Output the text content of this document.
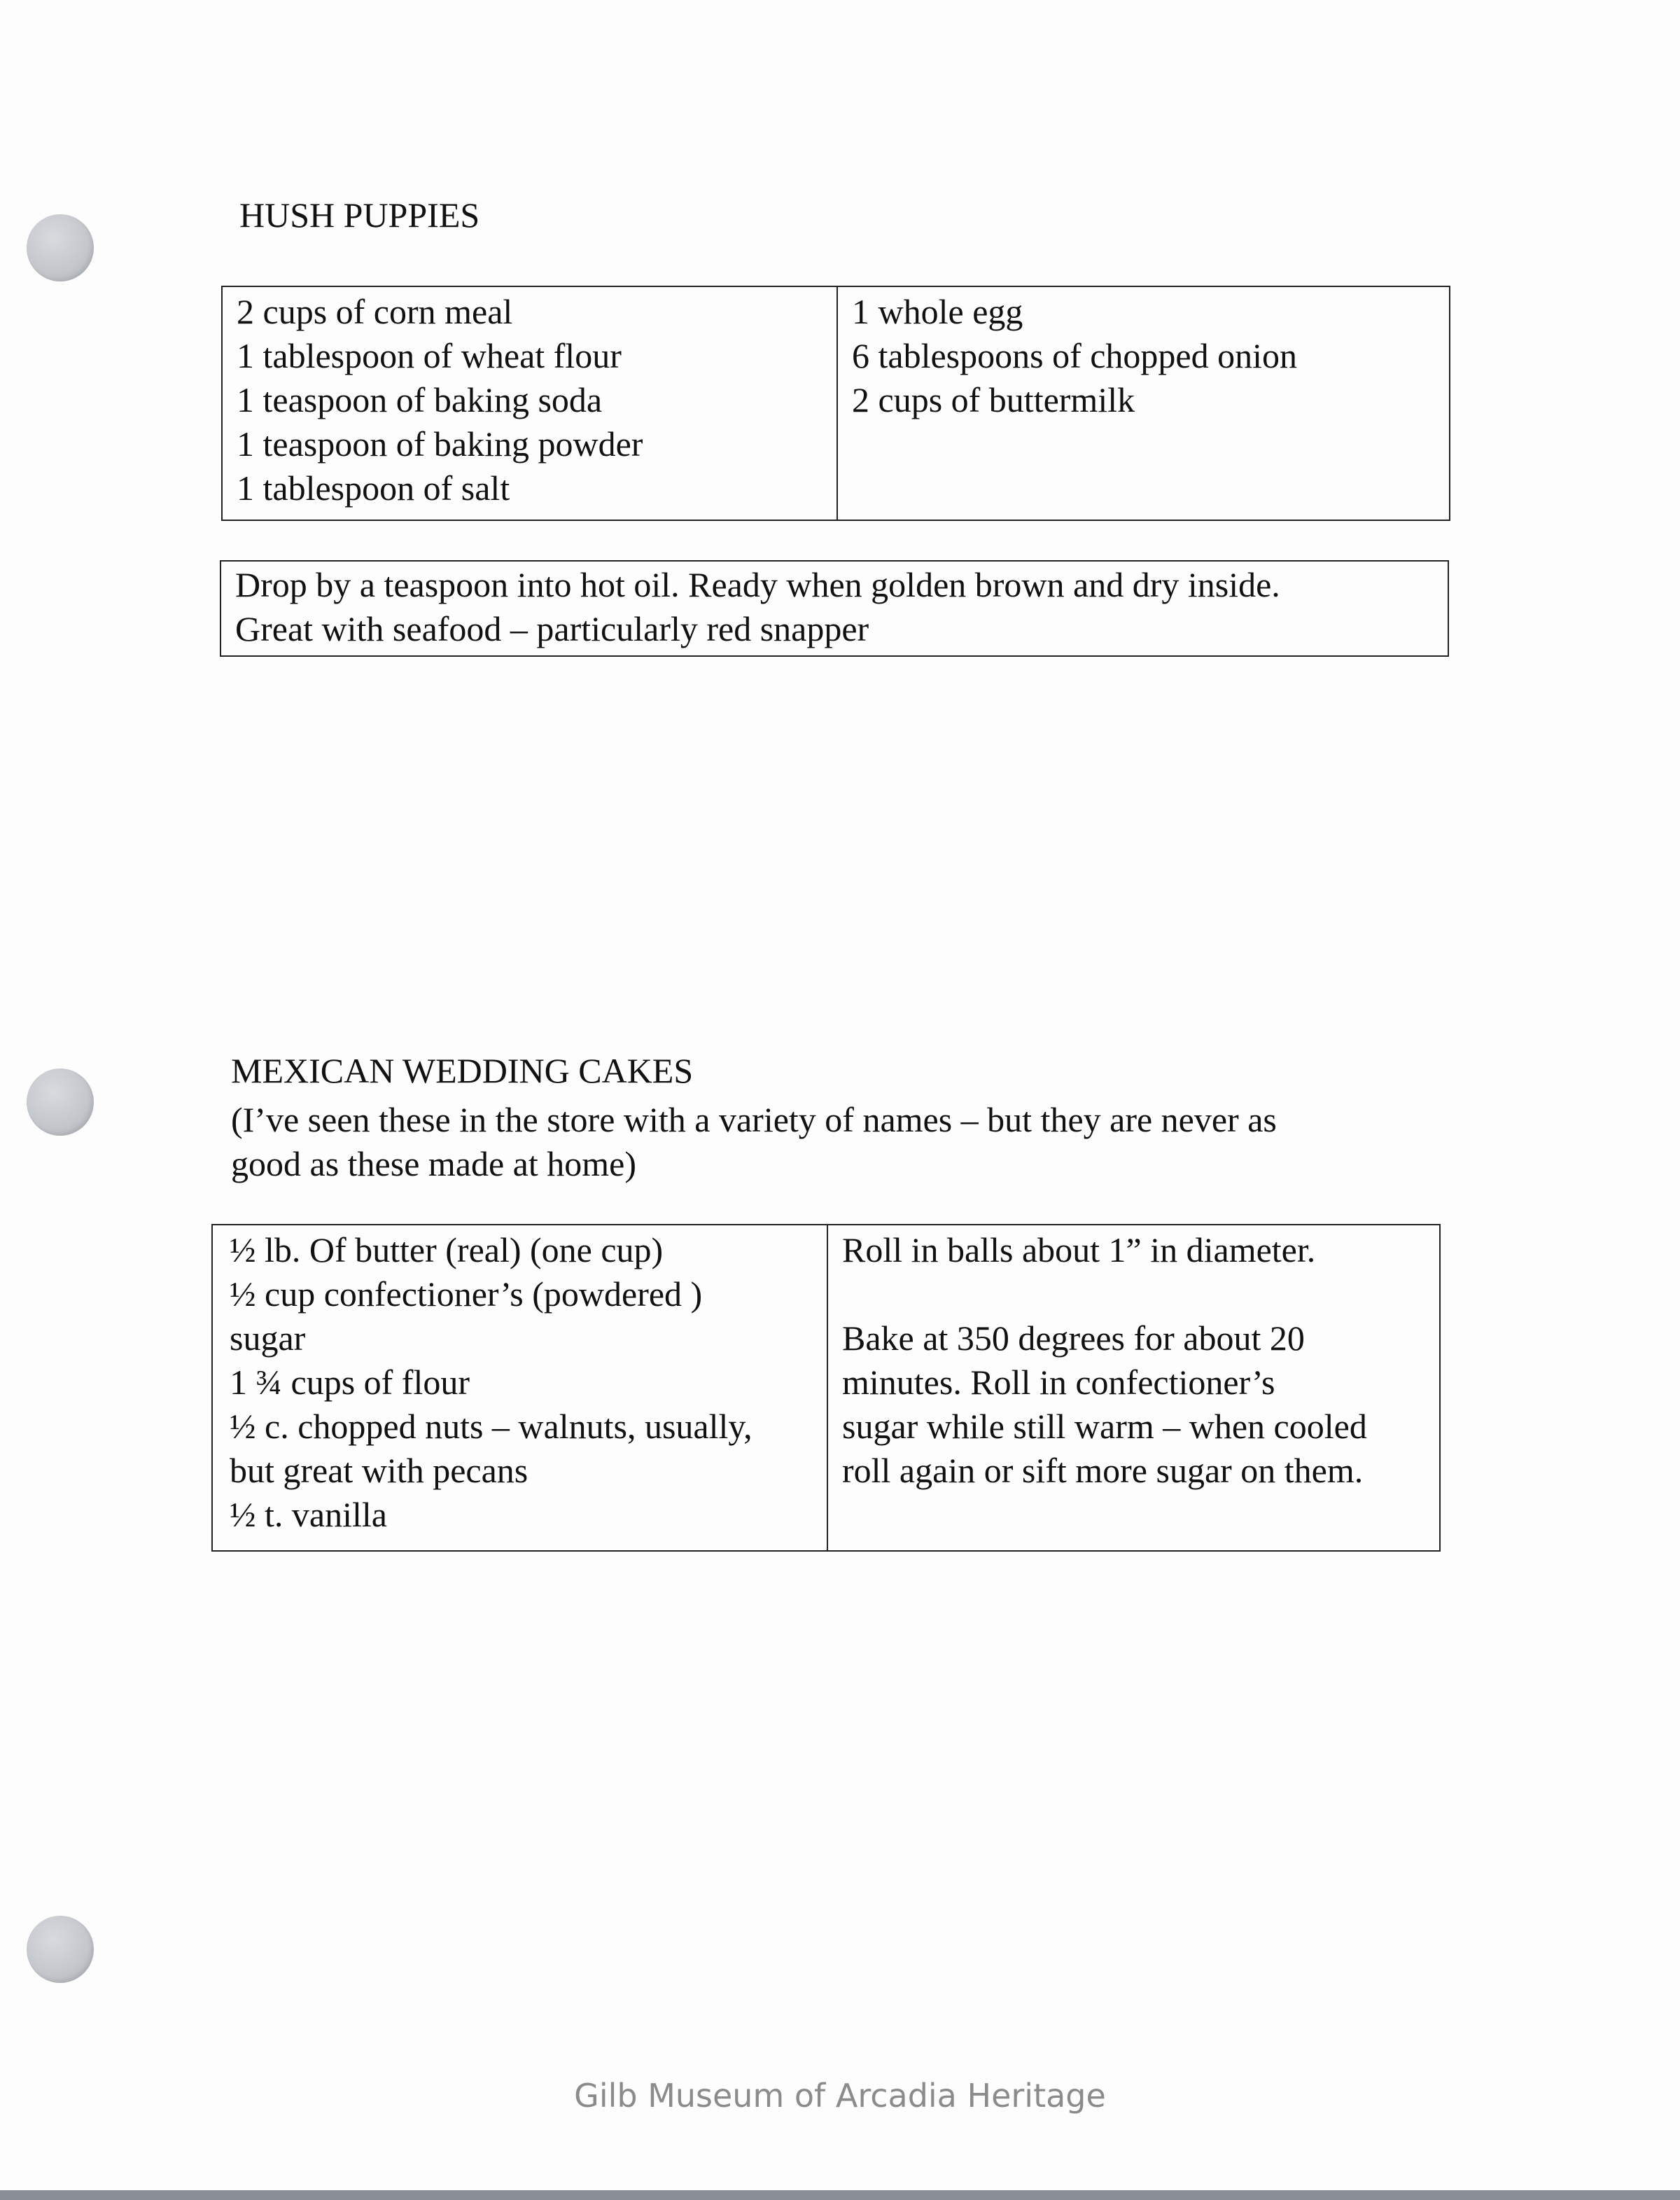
HUSH PUPPIES
2 cups of corn meal
1 tablespoon of wheat flour
1 teaspoon of baking soda
1 teaspoon of baking powder
1 tablespoon of salt
1 whole egg
6 tablespoons of chopped onion
2 cups of buttermilk
Drop by a teaspoon into hot oil. Ready when golden brown and dry inside.
Great with seafood – particularly red snapper
MEXICAN WEDDING CAKES
(I’ve seen these in the store with a variety of names – but they are never as
good as these made at home)
½ lb. Of butter (real) (one cup)
½ cup confectioner’s (powdered )
sugar
1 ¾ cups of flour
½ c. chopped nuts – walnuts, usually,
but great with pecans
½ t. vanilla
Roll in balls about 1” in diameter.
Bake at 350 degrees for about 20
minutes. Roll in confectioner’s
sugar while still warm – when cooled
roll again or sift more sugar on them.
Gilb Museum of Arcadia Heritage
